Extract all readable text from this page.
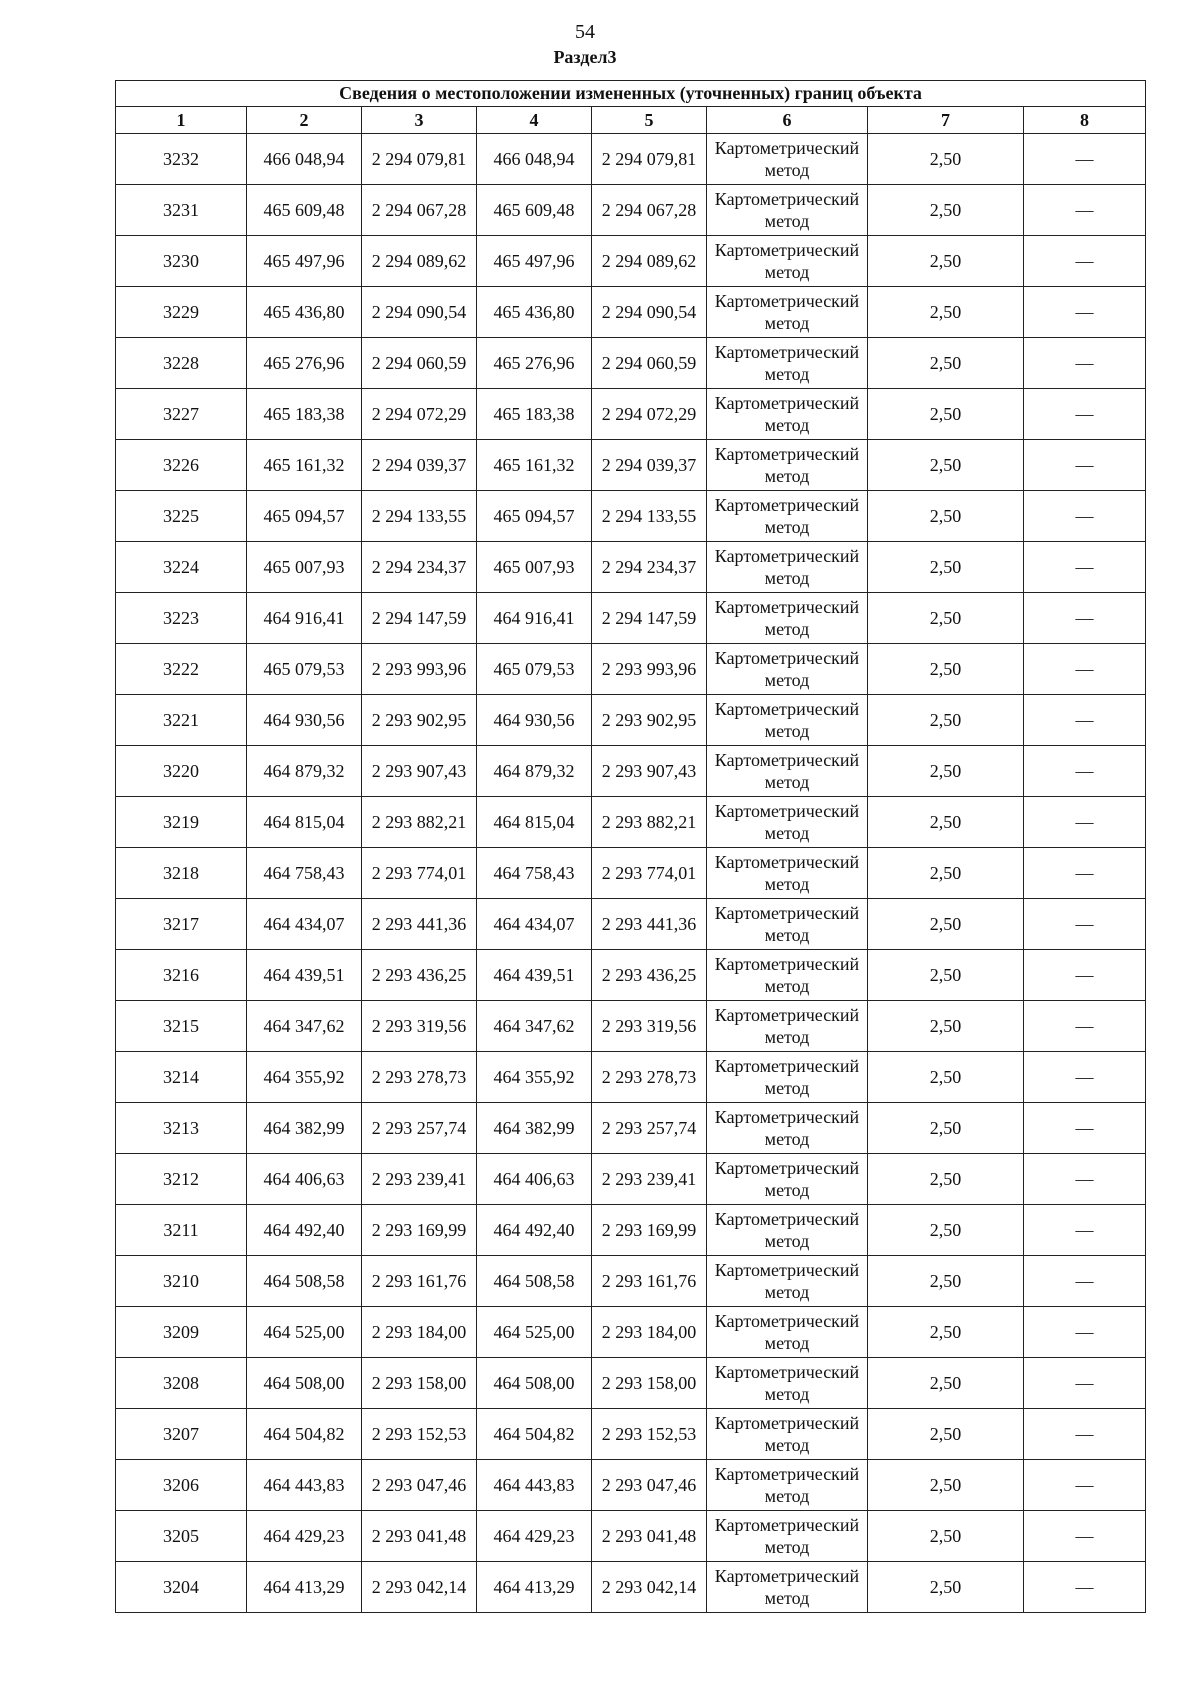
54
Раздел3
Сведения о местоположении измененных (уточненных) границ объекта							
1	2	3	4	5	6	7	8
3232	466 048,94	2 294 079,81	466 048,94	2 294 079,81	Картометрический метод	2,50	—
3231	465 609,48	2 294 067,28	465 609,48	2 294 067,28	Картометрический метод	2,50	—
3230	465 497,96	2 294 089,62	465 497,96	2 294 089,62	Картометрический метод	2,50	—
3229	465 436,80	2 294 090,54	465 436,80	2 294 090,54	Картометрический метод	2,50	—
3228	465 276,96	2 294 060,59	465 276,96	2 294 060,59	Картометрический метод	2,50	—
3227	465 183,38	2 294 072,29	465 183,38	2 294 072,29	Картометрический метод	2,50	—
3226	465 161,32	2 294 039,37	465 161,32	2 294 039,37	Картометрический метод	2,50	—
3225	465 094,57	2 294 133,55	465 094,57	2 294 133,55	Картометрический метод	2,50	—
3224	465 007,93	2 294 234,37	465 007,93	2 294 234,37	Картометрический метод	2,50	—
3223	464 916,41	2 294 147,59	464 916,41	2 294 147,59	Картометрический метод	2,50	—
3222	465 079,53	2 293 993,96	465 079,53	2 293 993,96	Картометрический метод	2,50	—
3221	464 930,56	2 293 902,95	464 930,56	2 293 902,95	Картометрический метод	2,50	—
3220	464 879,32	2 293 907,43	464 879,32	2 293 907,43	Картометрический метод	2,50	—
3219	464 815,04	2 293 882,21	464 815,04	2 293 882,21	Картометрический метод	2,50	—
3218	464 758,43	2 293 774,01	464 758,43	2 293 774,01	Картометрический метод	2,50	—
3217	464 434,07	2 293 441,36	464 434,07	2 293 441,36	Картометрический метод	2,50	—
3216	464 439,51	2 293 436,25	464 439,51	2 293 436,25	Картометрический метод	2,50	—
3215	464 347,62	2 293 319,56	464 347,62	2 293 319,56	Картометрический метод	2,50	—
3214	464 355,92	2 293 278,73	464 355,92	2 293 278,73	Картометрический метод	2,50	—
3213	464 382,99	2 293 257,74	464 382,99	2 293 257,74	Картометрический метод	2,50	—
3212	464 406,63	2 293 239,41	464 406,63	2 293 239,41	Картометрический метод	2,50	—
3211	464 492,40	2 293 169,99	464 492,40	2 293 169,99	Картометрический метод	2,50	—
3210	464 508,58	2 293 161,76	464 508,58	2 293 161,76	Картометрический метод	2,50	—
3209	464 525,00	2 293 184,00	464 525,00	2 293 184,00	Картометрический метод	2,50	—
3208	464 508,00	2 293 158,00	464 508,00	2 293 158,00	Картометрический метод	2,50	—
3207	464 504,82	2 293 152,53	464 504,82	2 293 152,53	Картометрический метод	2,50	—
3206	464 443,83	2 293 047,46	464 443,83	2 293 047,46	Картометрический метод	2,50	—
3205	464 429,23	2 293 041,48	464 429,23	2 293 041,48	Картометрический метод	2,50	—
3204	464 413,29	2 293 042,14	464 413,29	2 293 042,14	Картометрический метод	2,50	—
